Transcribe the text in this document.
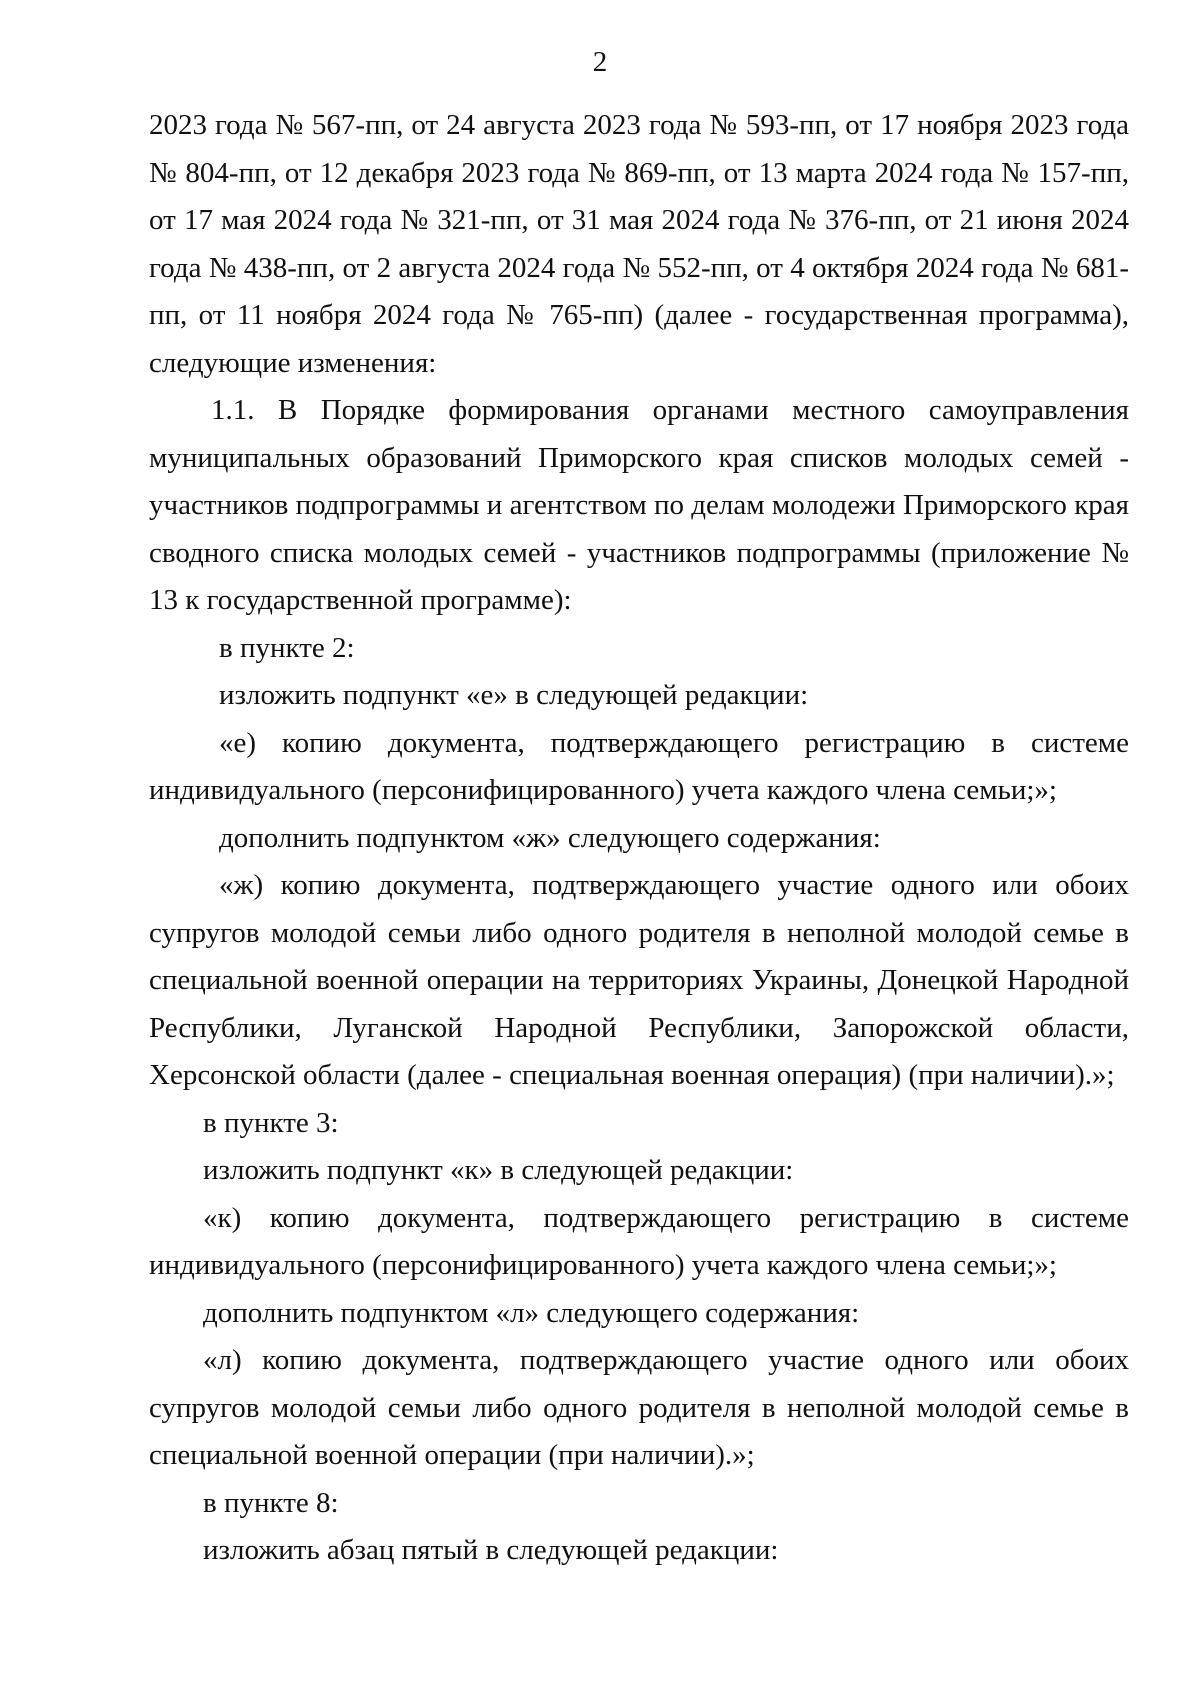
2

2023 года № 567-пп, от 24 августа 2023 года № 593-пп, от 17 ноября 2023 года № 804-пп, от 12 декабря 2023 года № 869-пп, от 13 марта 2024 года № 157-пп, от 17 мая 2024 года № 321-пп, от 31 мая 2024 года № 376-пп, от 21 июня 2024 года № 438-пп, от 2 августа 2024 года № 552-пп, от 4 октября 2024 года № 681-пп, от 11 ноября 2024 года № 765-пп) (далее - государственная программа), следующие изменения:

1.1. В Порядке формирования органами местного самоуправления муниципальных образований Приморского края списков молодых семей - участников подпрограммы и агентством по делам молодежи Приморского края сводного списка молодых семей - участников подпрограммы (приложение № 13 к государственной программе):

в пункте 2:

изложить подпункт «е» в следующей редакции:

«е) копию документа, подтверждающего регистрацию в системе индивидуального (персонифицированного) учета каждого члена семьи;»;

дополнить подпунктом «ж» следующего содержания:

«ж) копию документа, подтверждающего участие одного или обоих супругов молодой семьи либо одного родителя в неполной молодой семье в специальной военной операции на территориях Украины, Донецкой Народной Республики, Луганской Народной Республики, Запорожской области, Херсонской области (далее - специальная военная операция) (при наличии).»;

в пункте 3:

изложить подпункт «к» в следующей редакции:

«к) копию документа, подтверждающего регистрацию в системе индивидуального (персонифицированного) учета каждого члена семьи;»;

дополнить подпунктом «л» следующего содержания:

«л) копию документа, подтверждающего участие одного или обоих супругов молодой семьи либо одного родителя в неполной молодой семье в специальной военной операции (при наличии).»;

в пункте 8:

изложить абзац пятый в следующей редакции:
